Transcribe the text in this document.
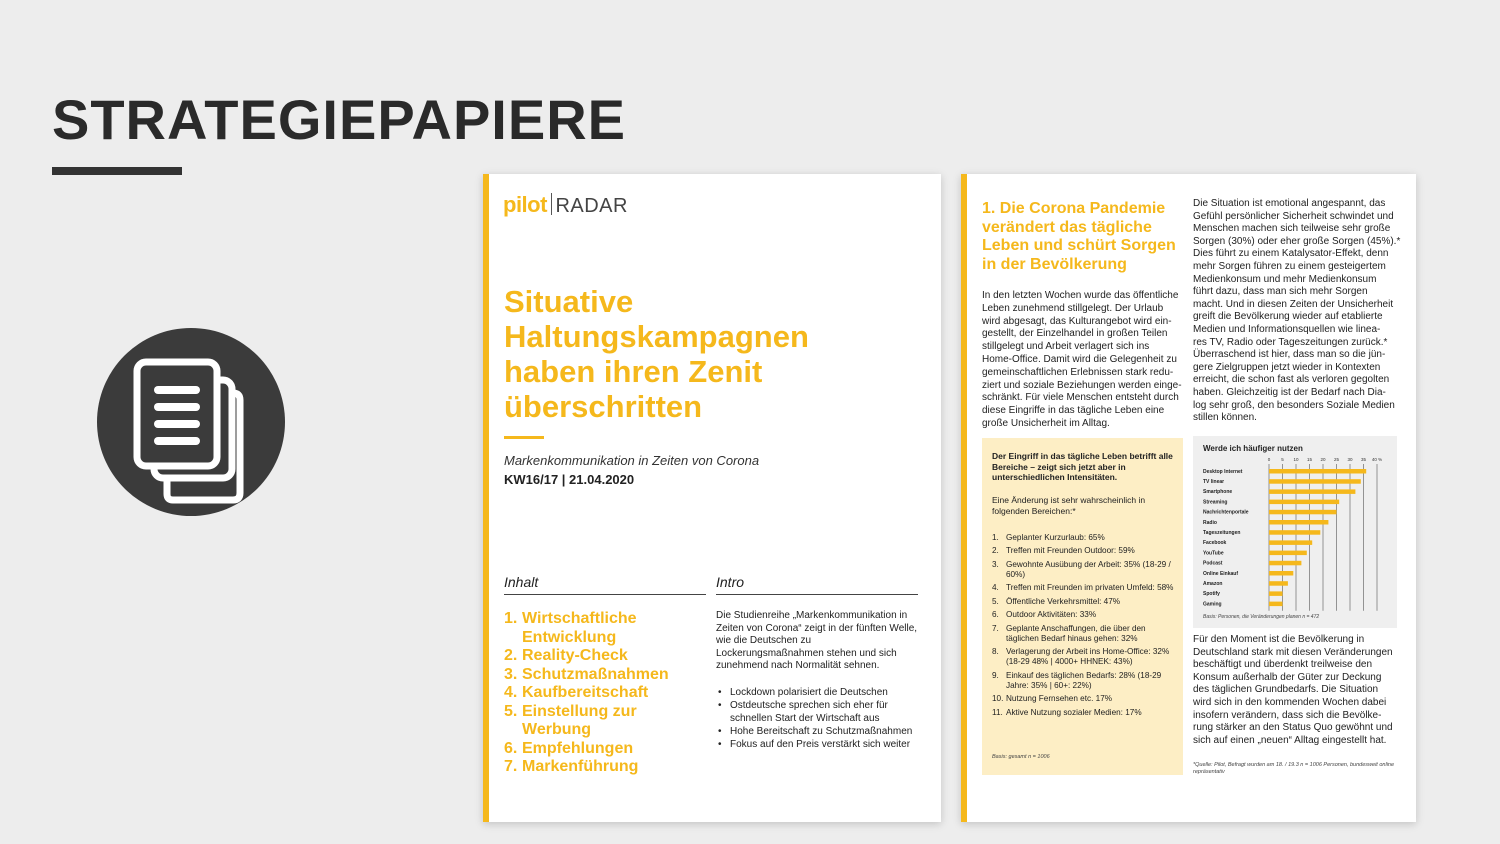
STRATEGIEPAPIERE
pilot RADAR
Situative
Haltungskampagnen
haben ihren Zenit
überschritten
Markenkommunikation in Zeiten von Corona
KW16/17 | 21.04.2020
Inhalt	Intro
1. Wirtschaftliche
Entwicklung
2. Reality-Check
3. Schutzmaßnahmen
4. Kaufbereitschaft
5. Einstellung zur
Werbung
6. Empfehlungen
7. Markenführung

Die Studienreihe „Markenkommunikation in Zeiten von Corona“ zeigt in der fünften Welle, wie die Deutschen zu Lockerungsmaßnahmen stehen und sich zunehmend nach Normalität sehnen.

• Lockdown polarisiert die Deutschen
• Ostdeutsche sprechen sich eher für schnellen Start der Wirtschaft aus
• Hohe Bereitschaft zu Schutzmaßnahmen
• Fokus auf den Preis verstärkt sich weiter
1. Die Corona Pandemie
verändert das tägliche
Leben und schürt Sorgen
in der Bevölkerung

In den letzten Wochen wurde das öffentliche
Leben zunehmend stillgelegt. Der Urlaub
wird abgesagt, das Kulturangebot wird ein-
gestellt, der Einzelhandel in großen Teilen
stillgelegt und Arbeit verlagert sich ins
Home-Office. Damit wird die Gelegenheit zu
gemeinschaftlichen Erlebnissen stark redu-
ziert und soziale Beziehungen werden einge-
schränkt. Für viele Menschen entsteht durch
diese Eingriffe in das tägliche Leben eine
große Unsicherheit im Alltag.

Der Eingriff in das tägliche Leben betrifft alle Bereiche – zeigt sich jetzt aber in unterschiedlichen Intensitäten.

Eine Änderung ist sehr wahrscheinlich in folgenden Bereichen:*

1. Geplanter Kurzurlaub: 65%
2. Treffen mit Freunden Outdoor: 59%
3. Gewohnte Ausübung der Arbeit: 35% (18-29 / 60%)
4. Treffen mit Freunden im privaten Umfeld: 58%
5. Öffentliche Verkehrsmittel: 47%
6. Outdoor Aktivitäten: 33%
7. Geplante Anschaffungen, die über den täglichen Bedarf hinaus gehen: 32%
8. Verlagerung der Arbeit ins Home-Office: 32% (18-29 48% | 4000+ HHNEK: 43%)
9. Einkauf des täglichen Bedarfs: 28% (18-29 Jahre: 35% | 60+: 22%)
10. Nutzung Fernsehen etc. 17%
11. Aktive Nutzung sozialer Medien: 17%
Basis: gesamt n = 1006

Die Situation ist emotional angespannt, das
Gefühl persönlicher Sicherheit schwindet und
Menschen machen sich teilweise sehr große
Sorgen (30%) oder eher große Sorgen (45%).*
Dies führt zu einem Katalysator-Effekt, denn
mehr Sorgen führen zu einem gesteigertem
Medienkonsum und mehr Medienkonsum
führt dazu, dass man sich mehr Sorgen
macht. Und in diesen Zeiten der Unsicherheit
greift die Bevölkerung wieder auf etablierte
Medien und Informationsquellen wie linea-
res TV, Radio oder Tageszeitungen zurück.*
Überraschend ist hier, dass man so die jün-
gere Zielgruppen jetzt wieder in Kontexten
erreicht, die schon fast als verloren gegolten
haben. Gleichzeitig ist der Bedarf nach Dia-
log sehr groß, den besonders Soziale Medien
stillen können.

0 5 10 15 20 25 30 35 40 %
Desktop Internet
TV linear
Smartphone
Streaming
Nachrichtenportale
Radio
Tageszeitungen
Facebook
YouTube
Podcast
Online Einkauf
Amazon
Spotify
Gaming
Werde ich häufiger nutzen
Basis: Personen, die Veränderungen planen n = 472

Für den Moment ist die Bevölkerung in
Deutschland stark mit diesen Veränderungen
beschäftigt und überdenkt treilweise den
Konsum außerhalb der Güter zur Deckung
des täglichen Grundbedarfs. Die Situation
wird sich in den kommenden Wochen dabei
insofern verändern, dass sich die Bevölke-
rung stärker an den Status Quo gewöhnt und
sich auf einen „neuen“ Alltag eingestellt hat.

*Quelle: Pilot, Befragt wurden am 18. / 19.3 n = 1006 Personen, bundesweit online repräsentativ
